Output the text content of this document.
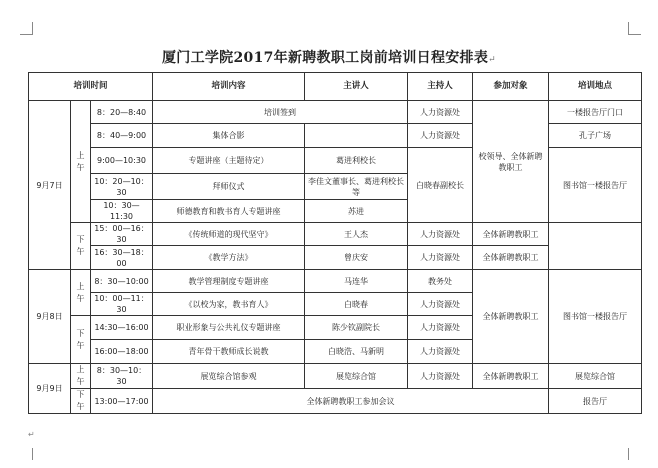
厦门工学院2017年新聘教职工岗前培训日程安排表↵
培训时间			培训内容	主讲人	主持人	参加对象	培训地点
9月7日	上午	8：20—8:40	培训签到		人力资源处	校领导、全体新聘教职工	一楼报告厅门口
		8：40—9:00	集体合影		人力资源处		孔子广场
		9:00—10:30	专题讲座（主题待定）	葛进利校长	白晓春副校长		图书馆一楼报告厅
		10：20—10：30	拜师仪式	李佳文董事长、葛进利校长等			
		10：30—11:30	师德教育和教书育人专题讲座	苏进			
	下午	15：00—16：30	《传统师道的现代坚守》	王人杰	人力资源处	全体新聘教职工	
		16：30—18：00	《教学方法》	曾庆安	人力资源处	全体新聘教职工	
9月8日	上午	8：30—10:00	教学管理制度专题讲座	马连华	教务处	全体新聘教职工	图书馆一楼报告厅
		10：00—11：30	《以校为家，教书育人》	白晓春	人力资源处		
	下午	14:30—16:00	职业形象与公共礼仪专题讲座	陈少钦副院长	人力资源处		
		16:00—18:00	青年骨干教师成长说教	白晓浩、马新明	人力资源处		
9月9日	上午	8：30—10：30	展览综合馆参观	展览综合馆	人力资源处	全体新聘教职工	展览综合馆
	下午	13:00—17:00	全体新聘教职工参加会议				报告厅
↵
